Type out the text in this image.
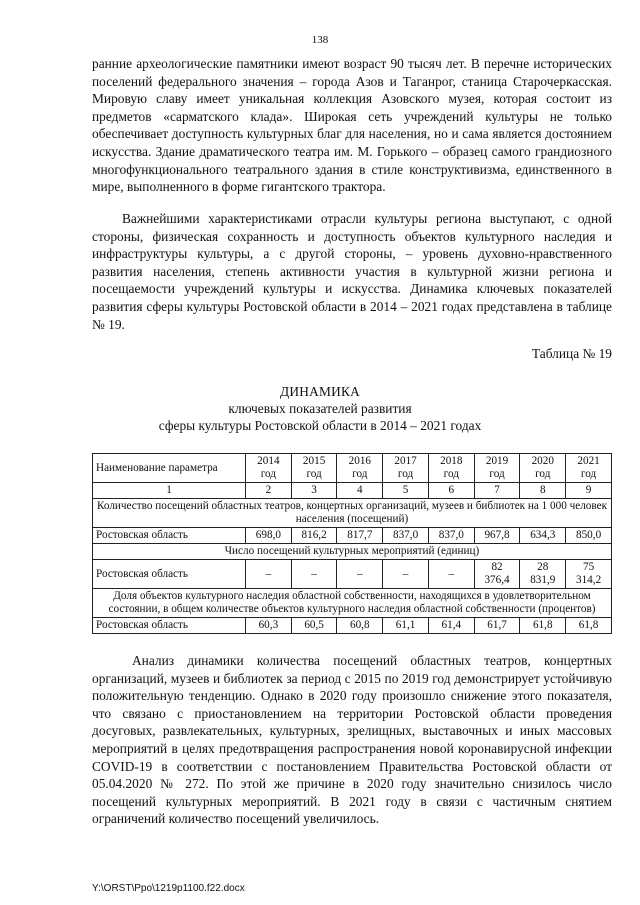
138

ранние археологические памятники имеют возраст 90 тысяч лет. В перечне исторических поселений федерального значения – города Азов и Таганрог, станица Старочеркасская. Мировую славу имеет уникальная коллекция Азовского музея, которая состоит из предметов «сарматского клада». Широкая сеть учреждений культуры не только обеспечивает доступность культурных благ для населения, но и сама является достоянием искусства. Здание драматического театра им. М. Горького – образец самого грандиозного многофункционального театрального здания в стиле конструктивизма, единственного в мире, выполненного в форме гигантского трактора.

Важнейшими характеристиками отрасли культуры региона выступают, с одной стороны, физическая сохранность и доступность объектов культурного наследия и инфраструктуры культуры, а с другой стороны, – уровень духовно-нравственного развития населения, степень активности участия в культурной жизни региона и посещаемости учреждений культуры и искусства. Динамика ключевых показателей развития сферы культуры Ростовской области в 2014 – 2021 годах представлена в таблице № 19.

Таблица № 19
ДИНАМИКА
ключевых показателей развития
сферы культуры Ростовской области в 2014 – 2021 годах
Наименование параметра	2014 год	2015 год	2016 год	2017 год	2018 год	2019 год	2020 год	2021 год
1	2	3	4	5	6	7	8	9
Количество посещений областных театров, концертных организаций, музеев и библиотек на 1 000 человек населения (посещений)								
Ростовская область	698,0	816,2	817,7	837,0	837,0	967,8	634,3	850,0
Число посещений культурных мероприятий (единиц)								
Ростовская область	–	–	–	–	–	82 376,4	28 831,9	75 314,2
Доля объектов культурного наследия областной собственности, находящихся в удовлетворительном состоянии, в общем количестве объектов культурного наследия областной собственности (процентов)								
Ростовская область	60,3	60,5	60,8	61,1	61,4	61,7	61,8	61,8

Анализ динамики количества посещений областных театров, концертных организаций, музеев и библиотек за период с 2015 по 2019 год демонстрирует устойчивую положительную тенденцию. Однако в 2020 году произошло снижение этого показателя, что связано с приостановлением на территории Ростовской области проведения досуговых, развлекательных, культурных, зрелищных, выставочных и иных массовых мероприятий в целях предотвращения распространения новой коронавирусной инфекции COVID-19 в соответствии с постановлением Правительства Ростовской области от 05.04.2020 № 272. По этой же причине в 2020 году значительно снизилось число посещений культурных мероприятий. В 2021 году в связи с частичным снятием ограничений количество посещений увеличилось.

Y:\ORST\Ppo\1219p1100.f22.docx
